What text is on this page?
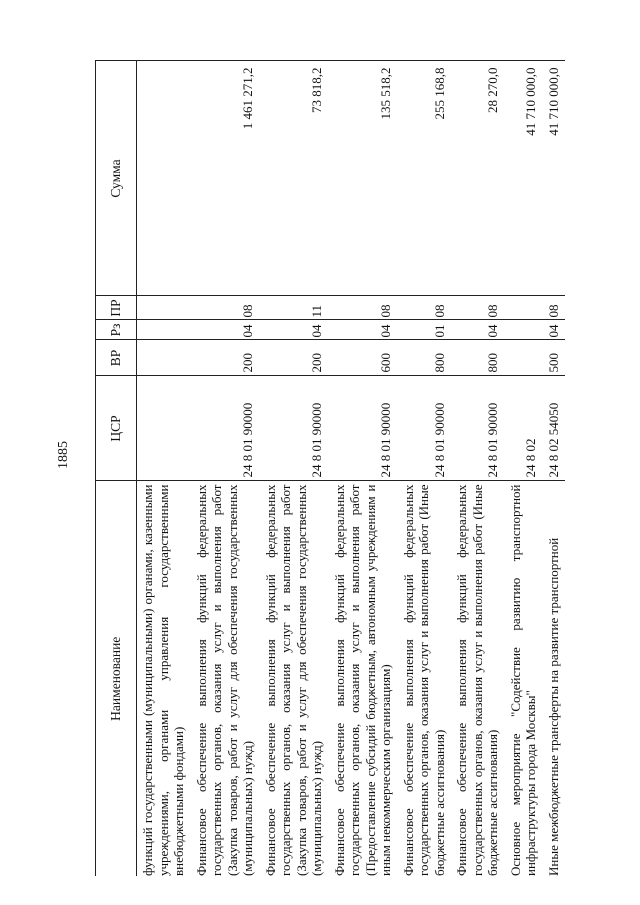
1885
Наименование	ЦСР	ВР	Рз	ПР	Сумма
функций государственными (муниципальными) органами, казенными учреждениями, органами управления государственными внебюджетными фондами)					
Финансовое обеспечение выполнения функций федеральных государственных органов, оказания услуг и выполнения работ (Закупка товаров, работ и услуг для обеспечения государственных (муниципальных) нужд)	24 8 01 90000	200	04	08	1 461 271,2
Финансовое обеспечение выполнения функций федеральных государственных органов, оказания услуг и выполнения работ (Закупка товаров, работ и услуг для обеспечения государственных (муниципальных) нужд)	24 8 01 90000	200	04	11	73 818,2
Финансовое обеспечение выполнения функций федеральных государственных органов, оказания услуг и выполнения работ (Предоставление субсидий бюджетным, автономным учреждениям и иным некоммерческим организациям)	24 8 01 90000	600	04	08	135 518,2
Финансовое обеспечение выполнения функций федеральных государственных органов, оказания услуг и выполнения работ (Иные бюджетные ассигнования)	24 8 01 90000	800	01	08	255 168,8
Финансовое обеспечение выполнения функций федеральных государственных органов, оказания услуг и выполнения работ (Иные бюджетные ассигнования)	24 8 01 90000	800	04	08	28 270,0
Основное мероприятие "Содействие развитию транспортной инфраструктуры города Москвы"	24 8 02				41 710 000,0
Иные межбюджетные трансферты на развитие транспортной	24 8 02 54050	500	04	08	41 710 000,0
